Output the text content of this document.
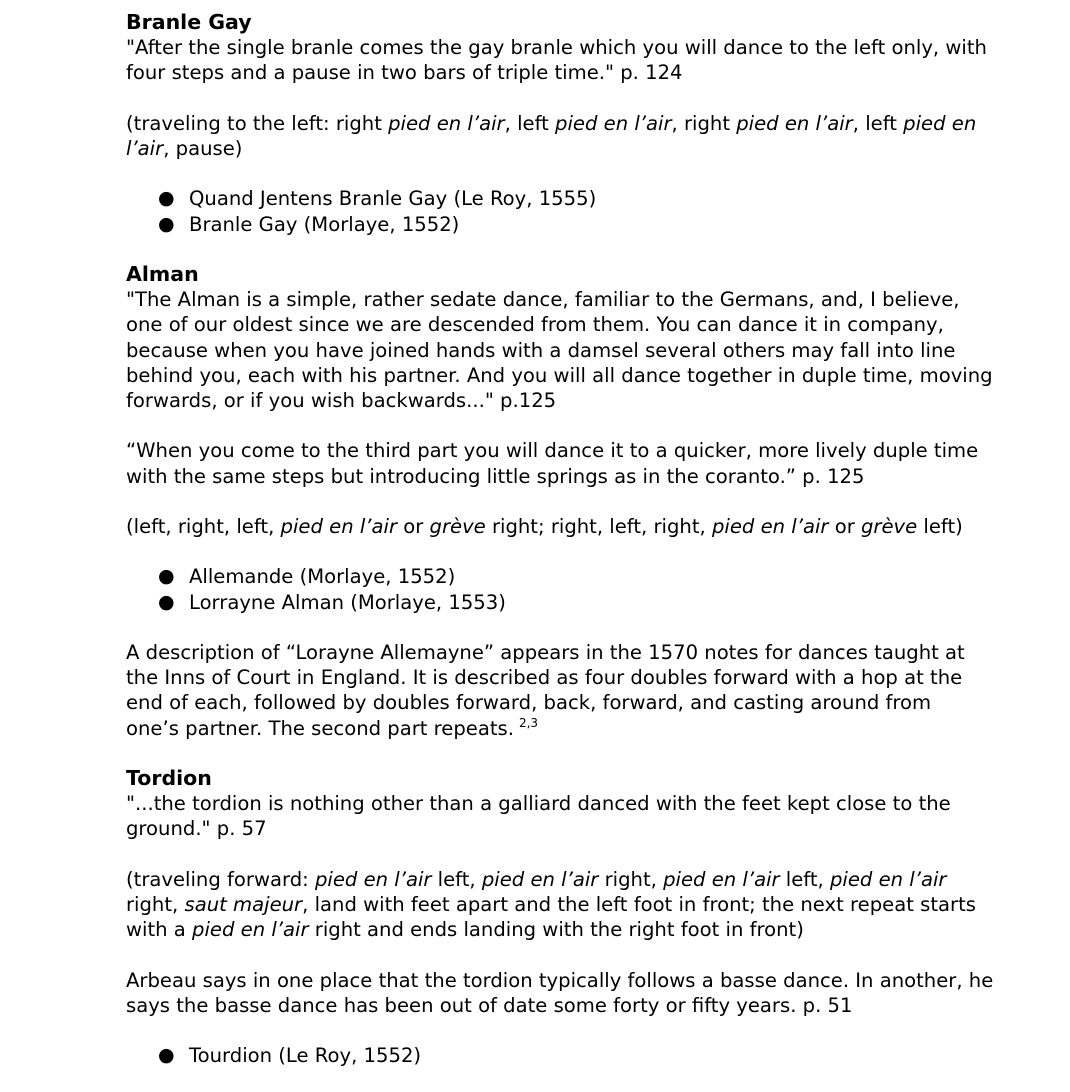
Branle Gay

"After the single branle comes the gay branle which you will dance to the left only, with

four steps and a pause in two bars of triple time." p. 124

(traveling to the left: right pied en l’air, left pied en l’air, right pied en l’air, left pied en

l’air, pause)

● Quand Jentens Branle Gay (Le Roy, 1555)
● Branle Gay (Morlaye, 1552)
Alman

"The Alman is a simple, rather sedate dance, familiar to the Germans, and, I believe,

one of our oldest since we are descended from them. You can dance it in company,

because when you have joined hands with a damsel several others may fall into line

behind you, each with his partner. And you will all dance together in duple time, moving

forwards, or if you wish backwards..." p.125

“When you come to the third part you will dance it to a quicker, more lively duple time

with the same steps but introducing little springs as in the coranto.” p. 125

(left, right, left, pied en l’air or grève right; right, left, right, pied en l’air or grève left)

● Allemande (Morlaye, 1552)
● Lorrayne Alman (Morlaye, 1553)

A description of “Lorayne Allemayne” appears in the 1570 notes for dances taught at

the Inns of Court in England. It is described as four doubles forward with a hop at the

end of each, followed by doubles forward, back, forward, and casting around from

one’s partner. The second part repeats. $^{2,3}$

Tordion

"...the tordion is nothing other than a galliard danced with the feet kept close to the

ground." p. 57

(traveling forward: pied en l’air left, pied en l’air right, pied en l’air left, pied en l’air

right, saut majeur, land with feet apart and the left foot in front; the next repeat starts

with a pied en l’air right and ends landing with the right foot in front)

Arbeau says in one place that the tordion typically follows a basse dance. In another, he

says the basse dance has been out of date some forty or fifty years. p. 51

● Tourdion (Le Roy, 1552)
